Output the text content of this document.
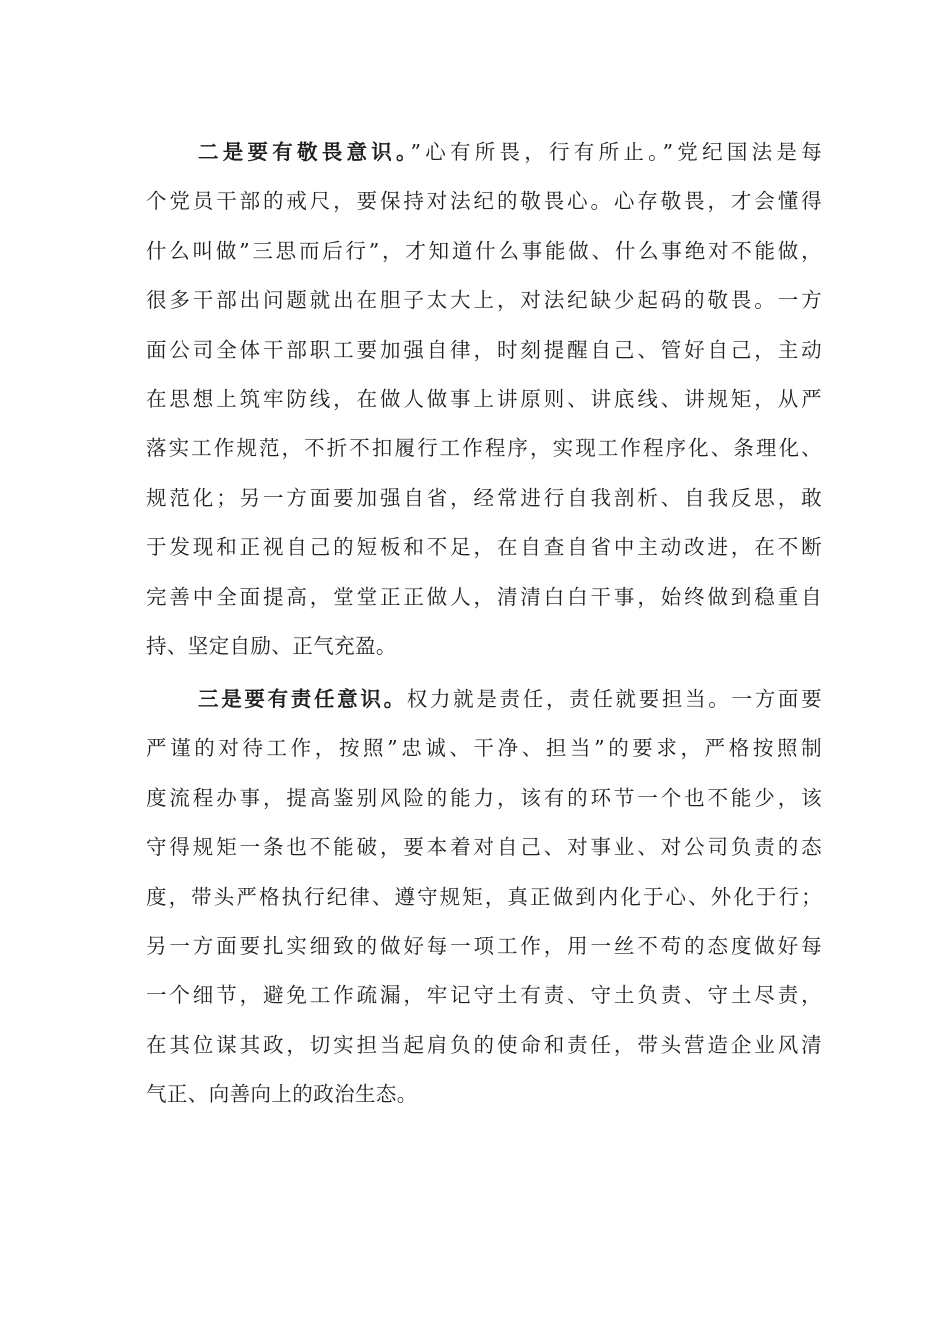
二是要有敬畏意识。”心有所畏，行有所止。”党纪国法是每
个党员干部的戒尺，要保持对法纪的敬畏心。心存敬畏，才会懂得
什么叫做”三思而后行”，才知道什么事能做、什么事绝对不能做，
很多干部出问题就出在胆子太大上，对法纪缺少起码的敬畏。一方
面公司全体干部职工要加强自律，时刻提醒自己、管好自己，主动
在思想上筑牢防线，在做人做事上讲原则、讲底线、讲规矩，从严
落实工作规范，不折不扣履行工作程序，实现工作程序化、条理化、
规范化；另一方面要加强自省，经常进行自我剖析、自我反思，敢
于发现和正视自己的短板和不足，在自查自省中主动改进，在不断
完善中全面提高，堂堂正正做人，清清白白干事，始终做到稳重自
持、坚定自励、正气充盈。
三是要有责任意识。权力就是责任，责任就要担当。一方面要
严谨的对待工作，按照”忠诚、干净、担当”的要求，严格按照制
度流程办事，提高鉴别风险的能力，该有的环节一个也不能少，该
守得规矩一条也不能破，要本着对自己、对事业、对公司负责的态
度，带头严格执行纪律、遵守规矩，真正做到内化于心、外化于行；
另一方面要扎实细致的做好每一项工作，用一丝不苟的态度做好每
一个细节，避免工作疏漏，牢记守土有责、守土负责、守土尽责，
在其位谋其政，切实担当起肩负的使命和责任，带头营造企业风清
气正、向善向上的政治生态。
